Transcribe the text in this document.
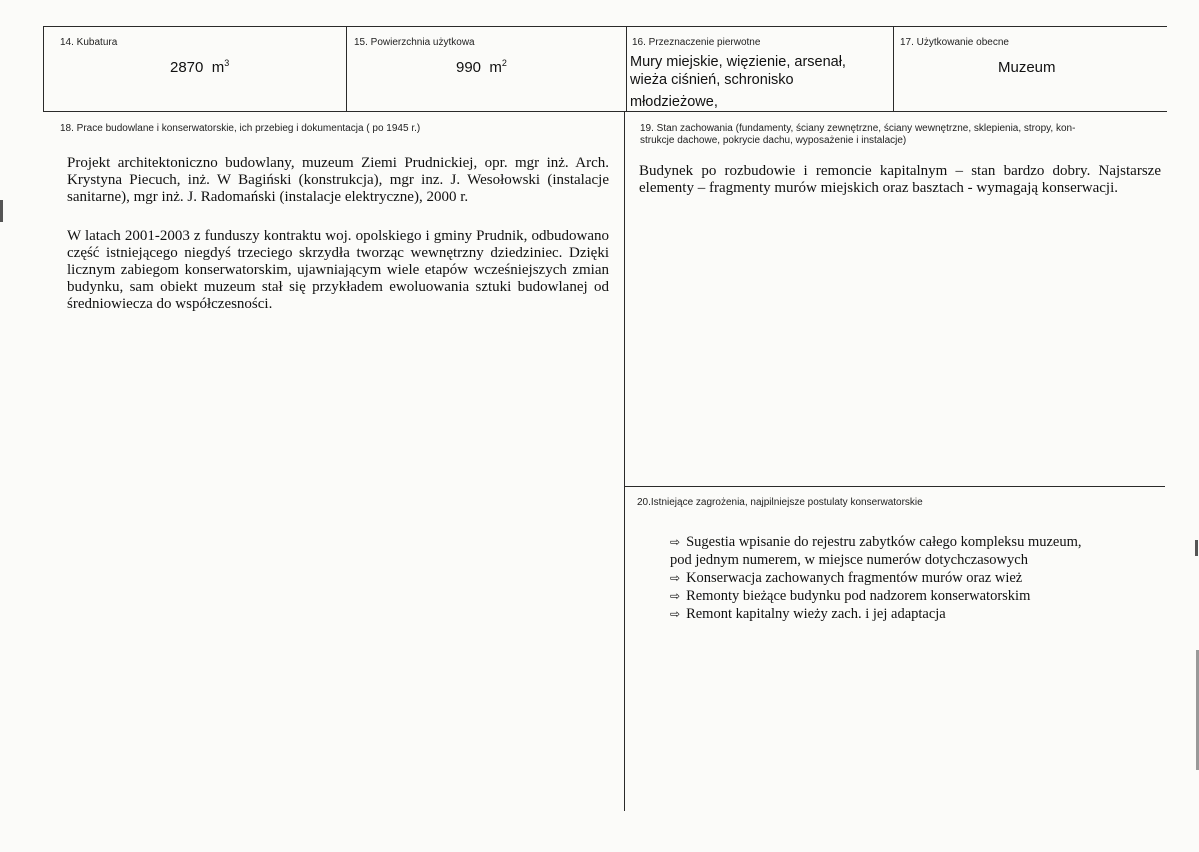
14. Kubatura
2870 $m^3$
15. Powierzchnia użytkowa
990 $m^2$
16. Przeznaczenie pierwotne
Mury miejskie, więzienie, arsenał,
wieża ciśnień, schronisko
młodzieżowe,
17. Użytkowanie obecne
Muzeum
18. Prace budowlane i konserwatorskie, ich przebieg i dokumentacja ( po 1945 r.)
Projekt architektoniczno budowlany, muzeum Ziemi Prudnickiej, opr. mgr inż. Arch. Krystyna Piecuch, inż. W Bagiński (konstrukcja), mgr inz. J. Wesołowski (instalacje sanitarne), mgr inż. J. Radomański (instalacje elektryczne), 2000 r.
W latach 2001-2003 z funduszy kontraktu woj. opolskiego i gminy Prudnik, odbudowano część istniejącego niegdyś trzeciego skrzydła tworząc wewnętrzny dziedziniec. Dzięki licznym zabiegom konserwatorskim, ujawniającym wiele etapów wcześniejszych zmian budynku, sam obiekt muzeum stał się przykładem ewoluowania sztuki budowlanej od średniowiecza do współczesności.
19. Stan zachowania (fundamenty, ściany zewnętrzne, ściany wewnętrzne, sklepienia, stropy, kon-
strukcje dachowe, pokrycie dachu, wyposażenie i instalacje)
Budynek po rozbudowie i remoncie kapitalnym – stan bardzo dobry. Najstarsze elementy – fragmenty murów miejskich oraz basztach - wymagają konserwacji.
20.Istniejące zagrożenia, najpilniejsze postulaty konserwatorskie
⇨ Sugestia wpisanie do rejestru zabytków całego kompleksu muzeum,
pod jednym numerem, w miejsce numerów dotychczasowych
⇨ Konserwacja zachowanych fragmentów murów oraz wież
⇨ Remonty bieżące budynku pod nadzorem konserwatorskim
⇨ Remont kapitalny wieży zach. i jej adaptacja
